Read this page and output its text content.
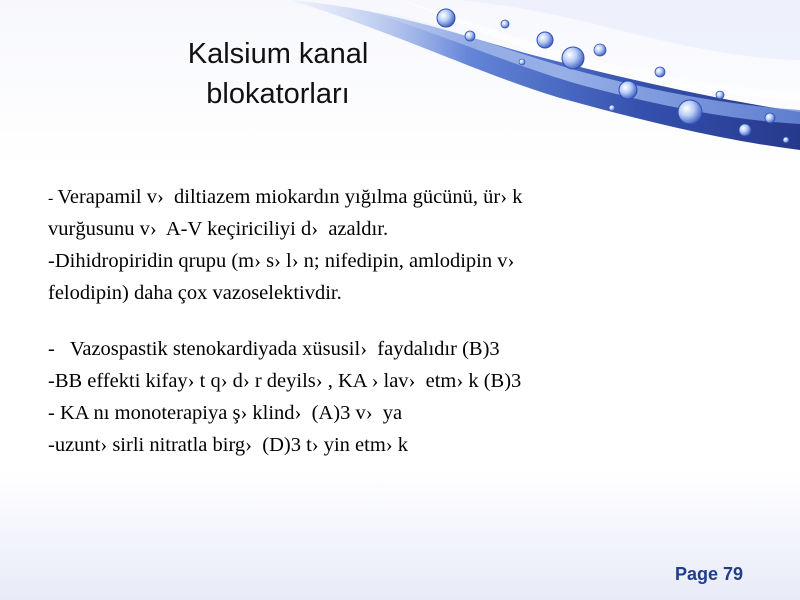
Kalsium kanal
blokatorları
- Verapamil v›  diltiazem miokardın yığılma gücünü, ür› k
vurğusunu v›  A-V keçiriciliyi d›  azaldır.
-Dihidropiridin qrupu (m› s› l› n; nifedipin, amlodipin v›
felodipin) daha çox vazoselektivdir.
-   Vazospastik stenokardiyada xüsusil›  faydalıdır (B)3
-BB effekti kifay› t q› d› r deyils› , KA › lav›  etm› k (B)3
- KA nı monoterapiya ş› klind›  (A)3 v›  ya
-uzunt› sirli nitratla birg›  (D)3 t› yin etm› k
Page 79
